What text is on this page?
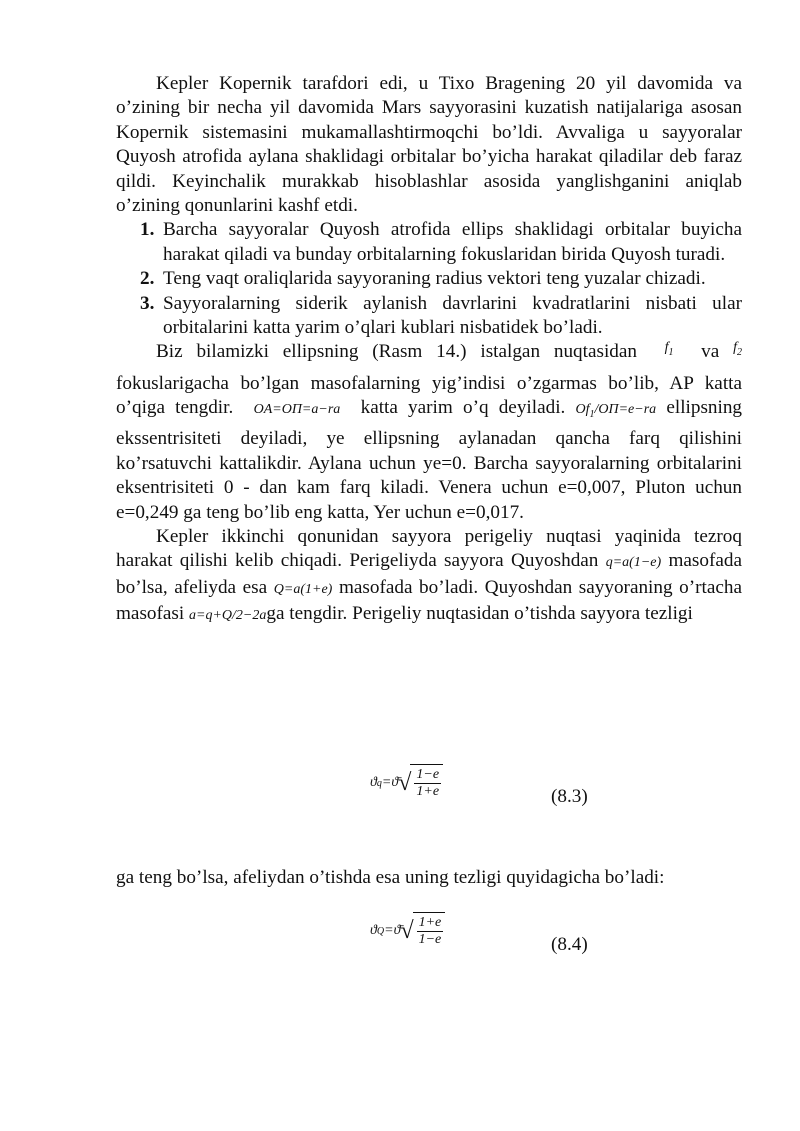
Kepler Kopernik tarafdori edi, u Tixo Bragening 20 yil davomida va o’zining bir necha yil davomida Mars sayyorasini kuzatish natijalariga asosan Kopernik sistemasini mukamallashtirmoqchi bo’ldi. Avvaliga u sayyoralar Quyosh atrofida aylana shaklidagi orbitalar bo’yicha harakat qiladilar deb faraz qildi. Keyinchalik murakkab hisoblashlar asosida yanglishganini aniqlab o’zining qonunlarini kashf etdi.

1. Barcha sayyoralar Quyosh atrofida ellips shaklidagi orbitalar buyicha harakat qiladi va bunday orbitalarning fokuslaridan birida Quyosh turadi.
2. Teng vaqt oraliqlarida sayyoraning radius vektori teng yuzalar chizadi.
3. Sayyoralarning siderik aylanish davrlarini kvadratlarini nisbati ular orbitalarini katta yarim o’qlari kublari nisbatidek bo’ladi.

Biz bilamizki ellipsning (Rasm 14.) istalgan nuqtasidan $^{f_1}$ va $^{f_2}$ fokuslarigacha bo’lgan masofalarning yig’indisi o’zgarmas bo’lib, AP katta o’qiga tengdir. OA=OП=a−ra katta yarim o’q deyiladi. $Of_1/OП=e-ra$ ellipsning ekssentrisiteti deyiladi, ye ellipsning aylanadan qancha farq qilishini ko’rsatuvchi kattalikdir. Aylana uchun ye=0. Barcha sayyoralarning orbitalarini eksentrisiteti 0 - dan kam farq kiladi. Venera uchun e=0,007, Pluton uchun e=0,249 ga teng bo’lib eng katta, Yer uchun e=0,017.

Kepler ikkinchi qonunidan sayyora perigeliy nuqtasi yaqinida tezroq harakat qilishi kelib chiqadi. Perigeliyda sayyora Quyoshdan q=a(1−e) masofada bo’lsa, afeliyda esa Q=a(1+e) masofada bo’ladi. Quyoshdan sayyoraning o’rtacha masofasi a=q+Q/2−2aga tengdir. Perigeliy nuqtasidan o’tishda sayyora tezligi

ϑ q = ϑ̄ √ $\frac{1-e}{1+e}$	(8.3)

ga teng bo’lsa, afeliydan o’tishda esa uning tezligi quyidagicha bo’ladi:

ϑ Q = ϑ̄ √ $\frac{1+e}{1-e}$	(8.4)
